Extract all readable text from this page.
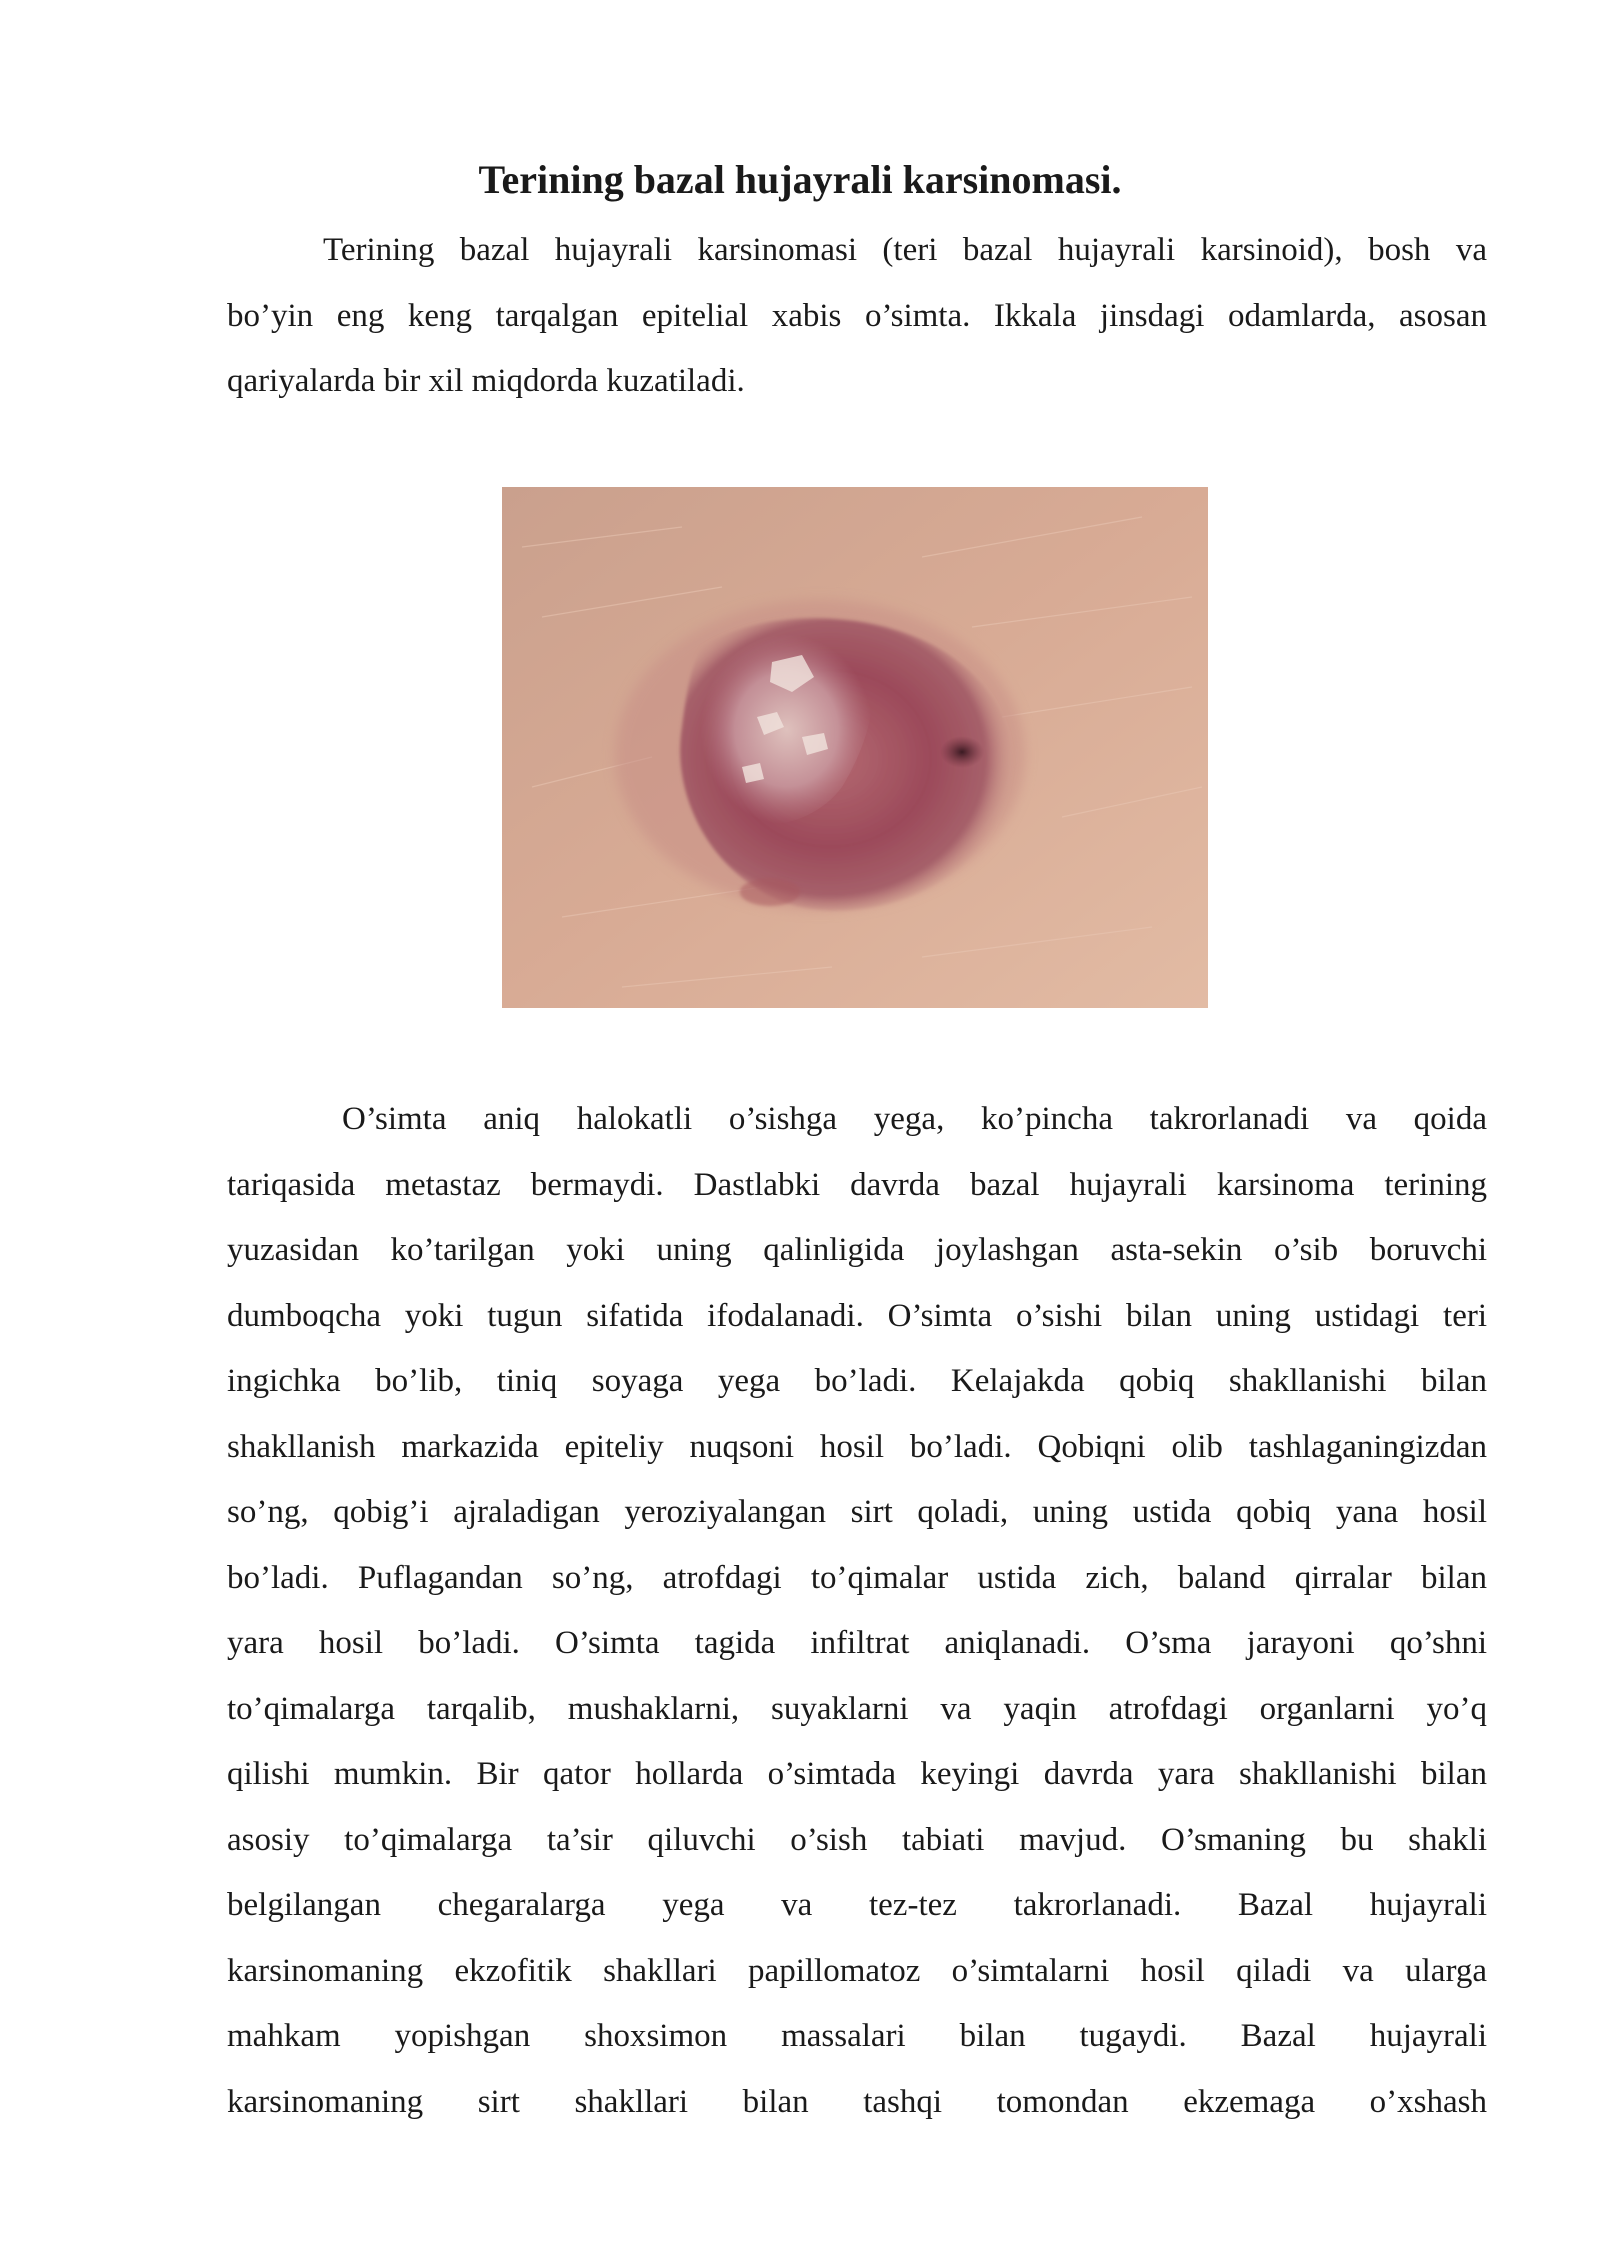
Terining bazal hujayrali karsinomasi.
Terining bazal hujayrali karsinomasi (teri bazal hujayrali karsinoid), bosh va
bo’yin eng keng tarqalgan epitelial xabis o’simta. Ikkala jinsdagi odamlarda, asosan
qariyalarda bir xil miqdorda kuzatiladi.
O’simta aniq halokatli o’sishga yega, ko’pincha takrorlanadi va qoida
tariqasida metastaz bermaydi. Dastlabki davrda bazal hujayrali karsinoma terining
yuzasidan ko’tarilgan yoki uning qalinligida joylashgan asta-sekin o’sib boruvchi
dumboqcha yoki tugun sifatida ifodalanadi. O’simta o’sishi bilan uning ustidagi teri
ingichka bo’lib, tiniq soyaga yega bo’ladi. Kelajakda qobiq shakllanishi bilan
shakllanish markazida epiteliy nuqsoni hosil bo’ladi. Qobiqni olib tashlaganingizdan
so’ng, qobig’i ajraladigan yeroziyalangan sirt qoladi, uning ustida qobiq yana hosil
bo’ladi. Puflagandan so’ng, atrofdagi to’qimalar ustida zich, baland qirralar bilan
yara hosil bo’ladi. O’simta tagida infiltrat aniqlanadi. O’sma jarayoni qo’shni
to’qimalarga tarqalib, mushaklarni, suyaklarni va yaqin atrofdagi organlarni yo’q
qilishi mumkin. Bir qator hollarda o’simtada keyingi davrda yara shakllanishi bilan
asosiy to’qimalarga ta’sir qiluvchi o’sish tabiati mavjud. O’smaning bu shakli
belgilangan chegaralarga yega va tez-tez takrorlanadi. Bazal hujayrali
karsinomaning ekzofitik shakllari papillomatoz o’simtalarni hosil qiladi va ularga
mahkam yopishgan shoxsimon massalari bilan tugaydi. Bazal hujayrali
karsinomaning sirt shakllari bilan tashqi tomondan ekzemaga o’xshash
